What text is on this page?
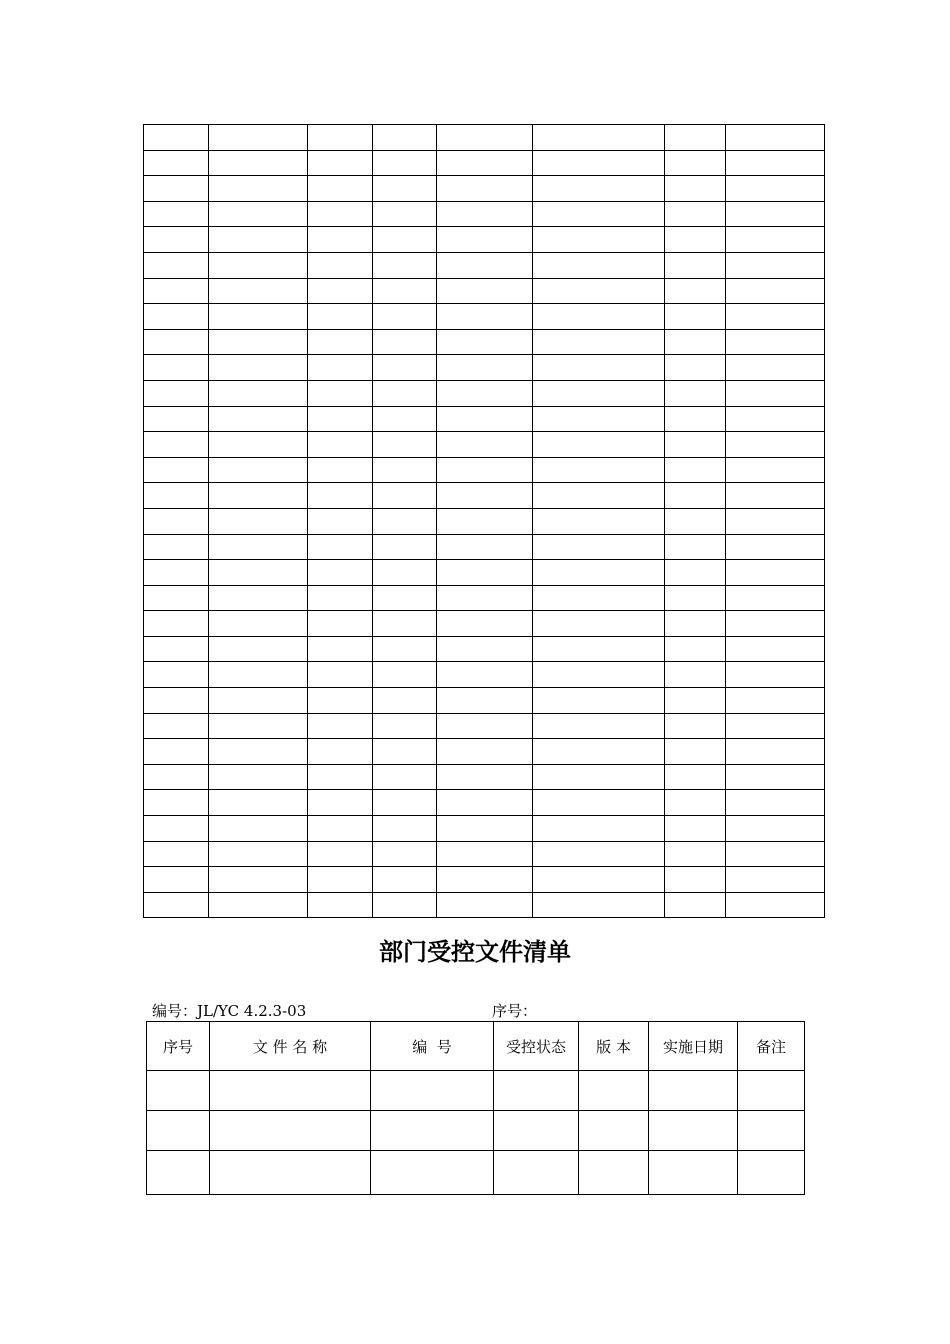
部门受控文件清单
编号：JL/YC 4.2.3-03	序号：
序号	文 件 名 称	编  号	受控状态	版 本	实施日期	备注
